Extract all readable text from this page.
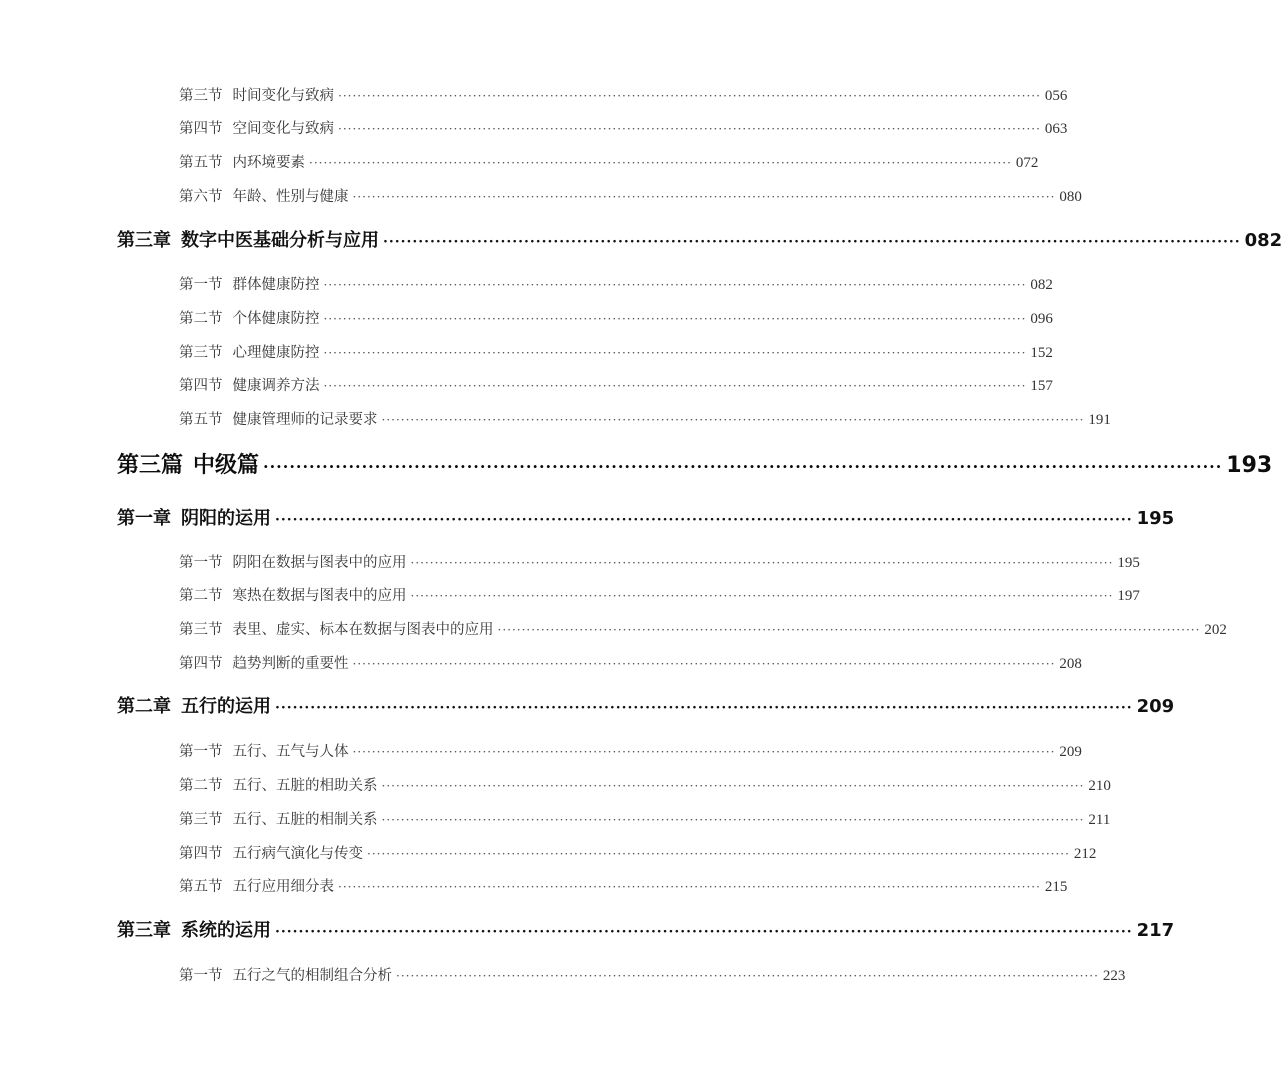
第三节 时间变化与致病 ·················································································································································· 056
第四节 空间变化与致病 ·················································································································································· 063
第五节 内环境要素 ·················································································································································· 072
第六节 年龄、性别与健康 ·················································································································································· 080
第三章 数字中医基础分析与应用 ·················································································································································· 082
第一节 群体健康防控 ·················································································································································· 082
第二节 个体健康防控 ·················································································································································· 096
第三节 心理健康防控 ·················································································································································· 152
第四节 健康调养方法 ·················································································································································· 157
第五节 健康管理师的记录要求 ·················································································································································· 191
第三篇 中级篇 ·················································································································································· 193
第一章 阴阳的运用 ·················································································································································· 195
第一节 阴阳在数据与图表中的应用 ·················································································································································· 195
第二节 寒热在数据与图表中的应用 ·················································································································································· 197
第三节 表里、虚实、标本在数据与图表中的应用 ·················································································································································· 202
第四节 趋势判断的重要性 ·················································································································································· 208
第二章 五行的运用 ·················································································································································· 209
第一节 五行、五气与人体 ·················································································································································· 209
第二节 五行、五脏的相助关系 ·················································································································································· 210
第三节 五行、五脏的相制关系 ·················································································································································· 211
第四节 五行病气演化与传变 ·················································································································································· 212
第五节 五行应用细分表 ·················································································································································· 215
第三章 系统的运用 ·················································································································································· 217
第一节 五行之气的相制组合分析 ·················································································································································· 223
